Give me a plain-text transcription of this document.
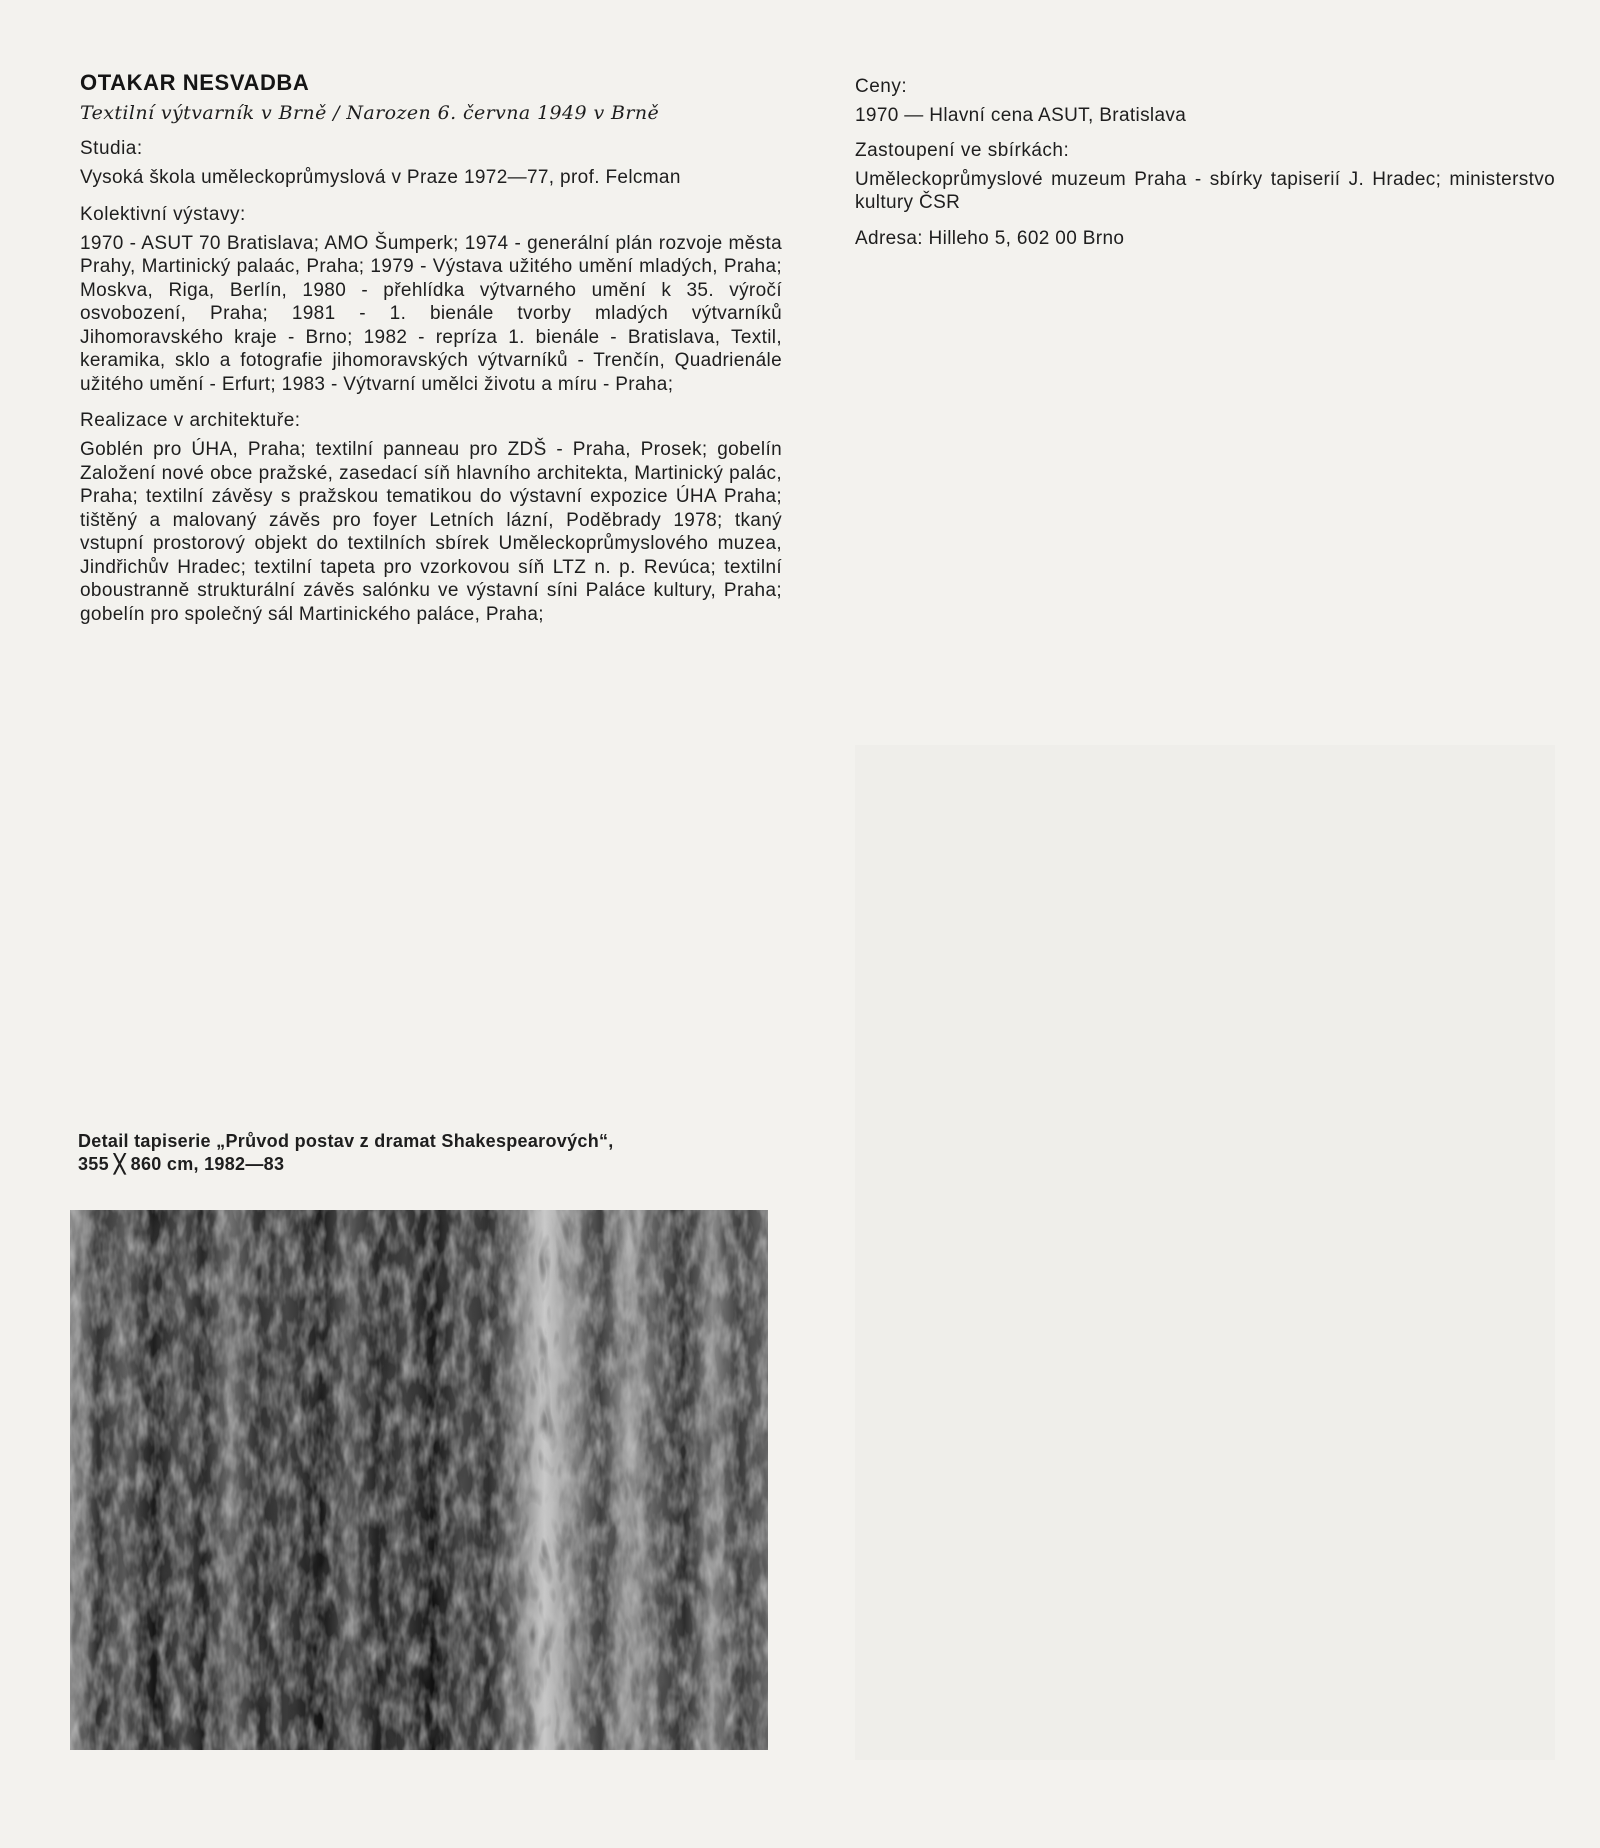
OTAKAR NESVADBA
Textilní výtvarník v Brně / Narozen 6. června 1949 v Brně
Studia:

Vysoká škola uměleckoprůmyslová v Praze 1972—77, prof. Felcman

Kolektivní výstavy:

1970 - ASUT 70 Bratislava; AMO Šumperk; 1974 - generální plán rozvoje města Prahy, Martinický palaác, Praha; 1979 - Výstava užitého umění mladých, Praha; Moskva, Riga, Berlín, 1980 - přehlídka výtvarného umění k 35. výročí osvobození, Praha; 1981 - 1. bienále tvorby mladých výtvarníků Jihomoravského kraje - Brno; 1982 - repríza 1. bienále - Bratislava, Textil, keramika, sklo a fotografie jihomoravských výtvarníků - Trenčín, Quadrienále užitého umění - Erfurt; 1983 - Výtvarní umělci životu a míru - Praha;

Realizace v architektuře:

Goblén pro ÚHA, Praha; textilní panneau pro ZDŠ - Praha, Prosek; gobelín Založení nové obce pražské, zasedací síň hlavního architekta, Martinický palác, Praha; textilní závěsy s pražskou tematikou do výstavní expozice ÚHA Praha; tištěný a malovaný závěs pro foyer Letních lázní, Poděbrady 1978; tkaný vstupní prostorový objekt do textilních sbírek Uměleckoprůmyslového muzea, Jindřichův Hradec; textilní tapeta pro vzorkovou síň LTZ n. p. Revúca; textilní oboustranně strukturální závěs salónku ve výstavní síni Paláce kultury, Praha; gobelín pro společný sál Martinického paláce, Praha;

Ceny:

1970 — Hlavní cena ASUT, Bratislava

Zastoupení ve sbírkách:

Uměleckoprůmyslové muzeum Praha - sbírky tapiserií J. Hradec; ministerstvo kultury ČSR

Adresa: Hilleho 5, 602 00 Brno

Detail tapiserie „Průvod postav z dramat Shakespearových“,
355 ╳ 860 cm, 1982—83
